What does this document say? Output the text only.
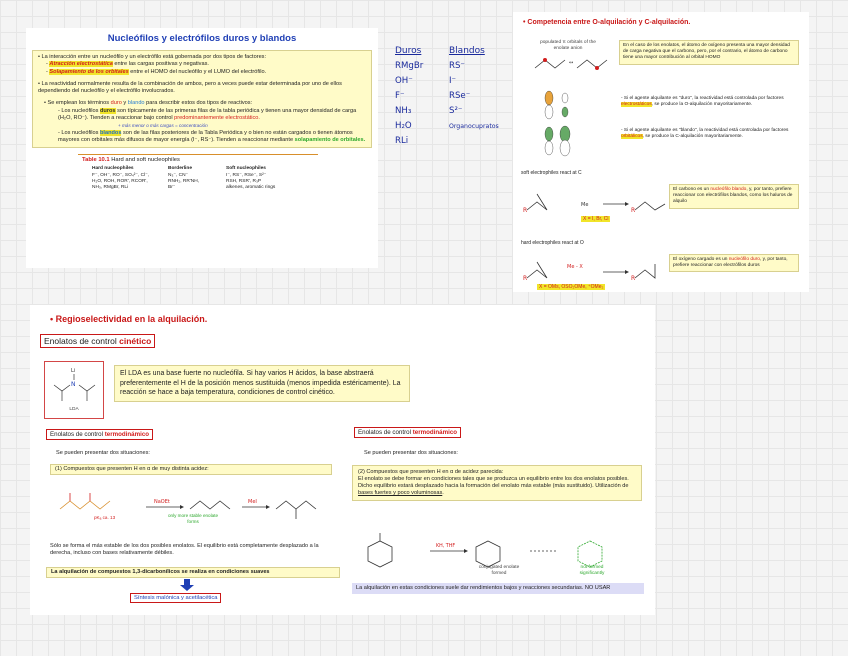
Nucleófilos y electrófilos duros y blandos
• La interacción entre un nucleófilo y un electrófilo está gobernada por dos tipos de factores:
- Atracción electrostática entre las cargas positivas y negativas.
- Solapamiento de los orbitales entre el HOMO del nucleófilo y el LUMO del electrófilo.
• La reactividad normalmente resulta de la combinación de ambos, pero a veces puede estar determinada por uno de ellos dependiendo del nucleófilo y el electrófilo involucrados.
• Se emplean los términos duro y blando para describir estos dos tipos de reactivos:
- Los nucleófilos duros son típicamente de las primeras filas de la tabla periódica y tienen una mayor densidad de carga (H₂O, RO⁻). Tienden a reaccionar bajo control predominantemente electrostático.
+ más menor o más cargas = concentración
- Los nucleófilos blandos son de las filas posteriores de la Tabla Periódica y o bien no están cargados o tienen átomos mayores con orbitales más difusos de mayor energía (I⁻, RS⁻). Tienden a reaccionar mediante solapamiento de orbitales.
Table 10.1 Hard and soft nucleophiles
Hard nucleophiles	Borderline	Soft nucleophiles
F⁻, OH⁻, RO⁻, SO₄²⁻, Cl⁻,	N₃⁻, CN⁻	I⁻, RS⁻, RSe⁻, S²⁻
H₂O, ROH, ROR', RCOR',	RNH₂, RR'NH,	RSH, RSR', R₃P
NH₃, RMgBr, RLi	Br⁻	alkenes, aromatic rings
Duros
RMgBr
OH⁻
F⁻
NH₃
H₂O
RLi
Blandos
RS⁻
I⁻
RSe⁻
S²⁻
Organocupratos
• Competencia entre O-alquilación y C-alquilación.
↔
populated π orbitals of the enolate anion
En el caso de los enolatos, el átomo de oxígeno presenta una mayor densidad de carga negativa que el carbono, pero, por el contrario, el átomo de carbono tiene una mayor contribución al orbital HOMO
- Si el agente alquilante es "duro", la reactividad está controlada por factores electrostáticos, se produce la O-alquilación mayoritariamente.
- Si el agente alquilante es "blando", la reactividad está controlada por factores orbitálicos, se produce la C-alquilación mayoritariamente.
soft electrophiles react at C
R
Me
R
X = I, Br, Cl
El carbono es un nucleófilo blando, y, por tanto, prefiere reaccionar con electrófilos blandos, como los haluros de alquilo
hard electrophiles react at O
R
Me - X
R
X = OMs, OSO₂OMe, ⁺OMe₂
El oxígeno cargado es un nucleófilo duro, y, por tanto, prefiere reaccionar con electrófilos duros
• Regioselectividad en la alquilación.
Enolatos de control cinético
Li
N
LDA
El LDA es una base fuerte no nucleófila. Si hay varios H ácidos, la base abstraerá preferentemente el H de la posición menos sustituida (menos impedida estéricamente). La reacción se hace a baja temperatura, condiciones de control cinético.
Enolatos de control termodinámico
Se pueden presentar dos situaciones:
(1) Compuestos que presenten H en α de muy distinta acidez:
NaOEt	MeI
pKₐ ca. 13	only more stable enolate forms
Sólo se forma el más estable de los dos posibles enolatos. El equilibrio está completamente desplazado a la derecha, incluso con bases relativamente débiles.
La alquilación de compuestos 1,3-dicarbonílicos se realiza en condiciones suaves
Síntesis malónica y acetilacética
Enolatos de control termodinámico
Se pueden presentar dos situaciones:
(2) Compuestos que presenten H en α de acidez parecida:
El enolato se debe formar en condiciones tales que se produzca un equilibrio entre los dos enolatos posibles. Dicho equilibrio estará desplazado hacia la formación del enolato más estable (más sustituido). Utilización de bases fuertes y poco voluminosas.
KH, THF
conjugated enolate formed
not formed significantly
La alquilación en estas condiciones suele dar rendimientos bajos y reacciones secundarias. NO USAR
